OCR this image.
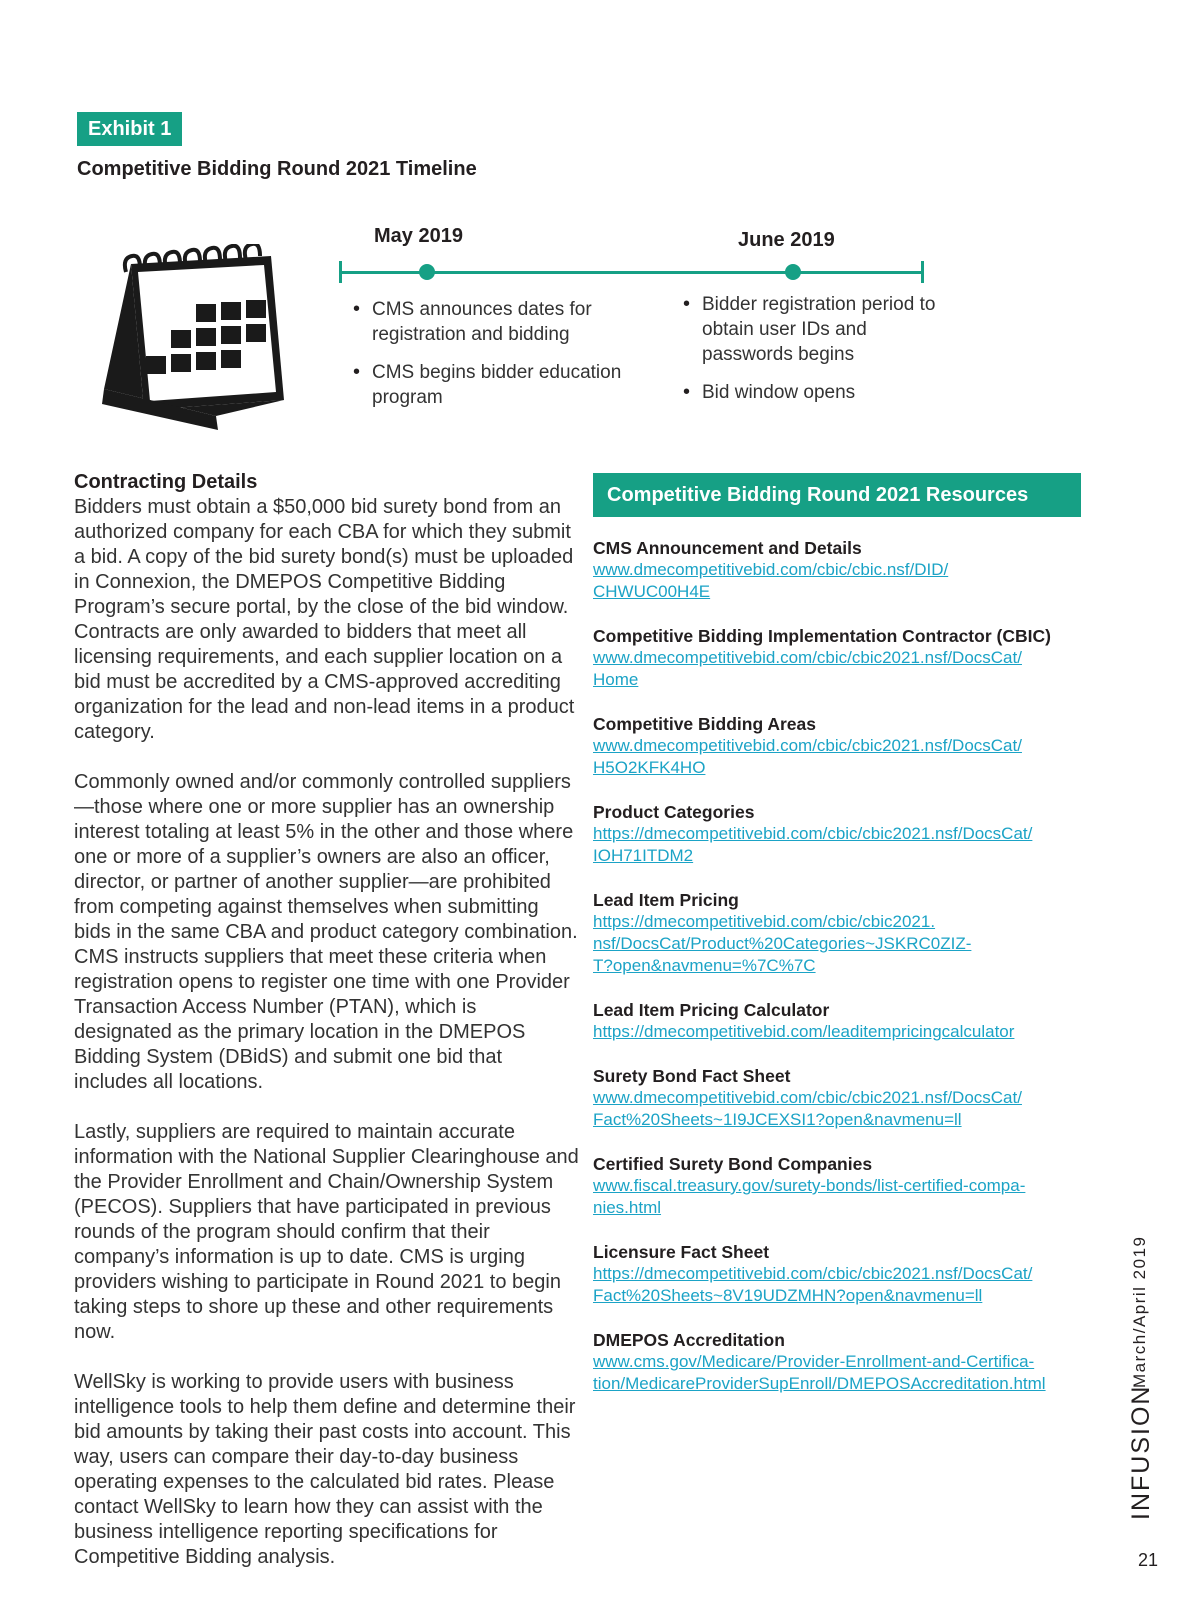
Exhibit 1
Competitive Bidding Round 2021 Timeline
May 2019	June 2019
• CMS announces dates for registration and bidding
• CMS begins bidder education program
• Bidder registration period to obtain user IDs and passwords begins
• Bid window opens
Contracting Details

Bidders must obtain a $50,000 bid surety bond from an authorized company for each CBA for which they submit a bid. A copy of the bid surety bond(s) must be uploaded in Connexion, the DMEPOS Competitive Bidding Program’s secure portal, by the close of the bid window. Contracts are only awarded to bidders that meet all licensing requirements, and each supplier location on a bid must be accredited by a CMS-approved accrediting organization for the lead and non-lead items in a product category.

Commonly owned and/or commonly controlled suppliers—those where one or more supplier has an ownership interest totaling at least 5% in the other and those where one or more of a supplier’s owners are also an officer, director, or partner of another supplier—are prohibited from competing against themselves when submitting bids in the same CBA and product category combination. CMS instructs suppliers that meet these criteria when registration opens to register one time with one Provider Transaction Access Number (PTAN), which is designated as the primary location in the DMEPOS Bidding System (DBidS) and submit one bid that includes all locations.

Lastly, suppliers are required to maintain accurate information with the National Supplier Clearinghouse and the Provider Enrollment and Chain/Ownership System (PECOS). Suppliers that have participated in previous rounds of the program should confirm that their company’s information is up to date. CMS is urging providers wishing to participate in Round 2021 to begin taking steps to shore up these and other requirements now.

WellSky is working to provide users with business intelligence tools to help them define and determine their bid amounts by taking their past costs into account. This way, users can compare their day-to-day business operating expenses to the calculated bid rates. Please contact WellSky to learn how they can assist with the business intelligence reporting specifications for Competitive Bidding analysis.

Competitive Bidding Round 2021 Resources
CMS Announcement and Details
www.dmecompetitivebid.com/cbic/cbic.nsf/DID/
CHWUC00H4E
Competitive Bidding Implementation Contractor (CBIC)
www.dmecompetitivebid.com/cbic/cbic2021.nsf/DocsCat/
Home
Competitive Bidding Areas
www.dmecompetitivebid.com/cbic/cbic2021.nsf/DocsCat/
H5O2KFK4HO
Product Categories
https://dmecompetitivebid.com/cbic/cbic2021.nsf/DocsCat/
IOH71ITDM2
Lead Item Pricing
https://dmecompetitivebid.com/cbic/cbic2021.
nsf/DocsCat/Product%20Categories~JSKRC0ZIZ-
T?open&navmenu=%7C%7C
Lead Item Pricing Calculator
https://dmecompetitivebid.com/leaditempricingcalculator
Surety Bond Fact Sheet
www.dmecompetitivebid.com/cbic/cbic2021.nsf/DocsCat/
Fact%20Sheets~1I9JCEXSI1?open&navmenu=ll
Certified Surety Bond Companies
www.fiscal.treasury.gov/surety-bonds/list-certified-compa-
nies.html
Licensure Fact Sheet
https://dmecompetitivebid.com/cbic/cbic2021.nsf/DocsCat/
Fact%20Sheets~8V19UDZMHN?open&navmenu=ll
DMEPOS Accreditation
www.cms.gov/Medicare/Provider-Enrollment-and-Certifica-
tion/MedicareProviderSupEnroll/DMEPOSAccreditation.html	March/April 2019
INFUSION
21
